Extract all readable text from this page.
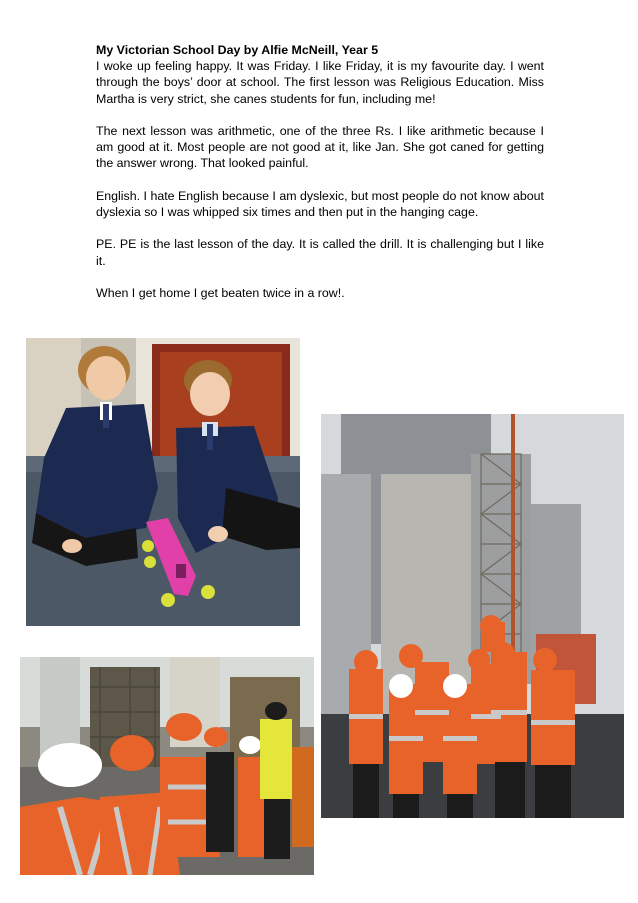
My Victorian School Day by Alfie McNeill, Year 5
I woke up feeling happy. It was Friday. I like Friday, it is my favourite day. I went through the boys’ door at school. The first lesson was Religious Education. Miss Martha is very strict, she canes students for fun, including me!

The next lesson was arithmetic, one of the three Rs. I like arithmetic because I am good at it. Most people are not good at it, like Jan. She got caned for getting the answer wrong. That looked painful.

English. I hate English because I am dyslexic, but most people do not know about dyslexia so I was whipped six times and then put in the hanging cage.

PE. PE is the last lesson of the day. It is called the drill. It is challenging but I like it.

When I get home I get beaten twice in a row!.
